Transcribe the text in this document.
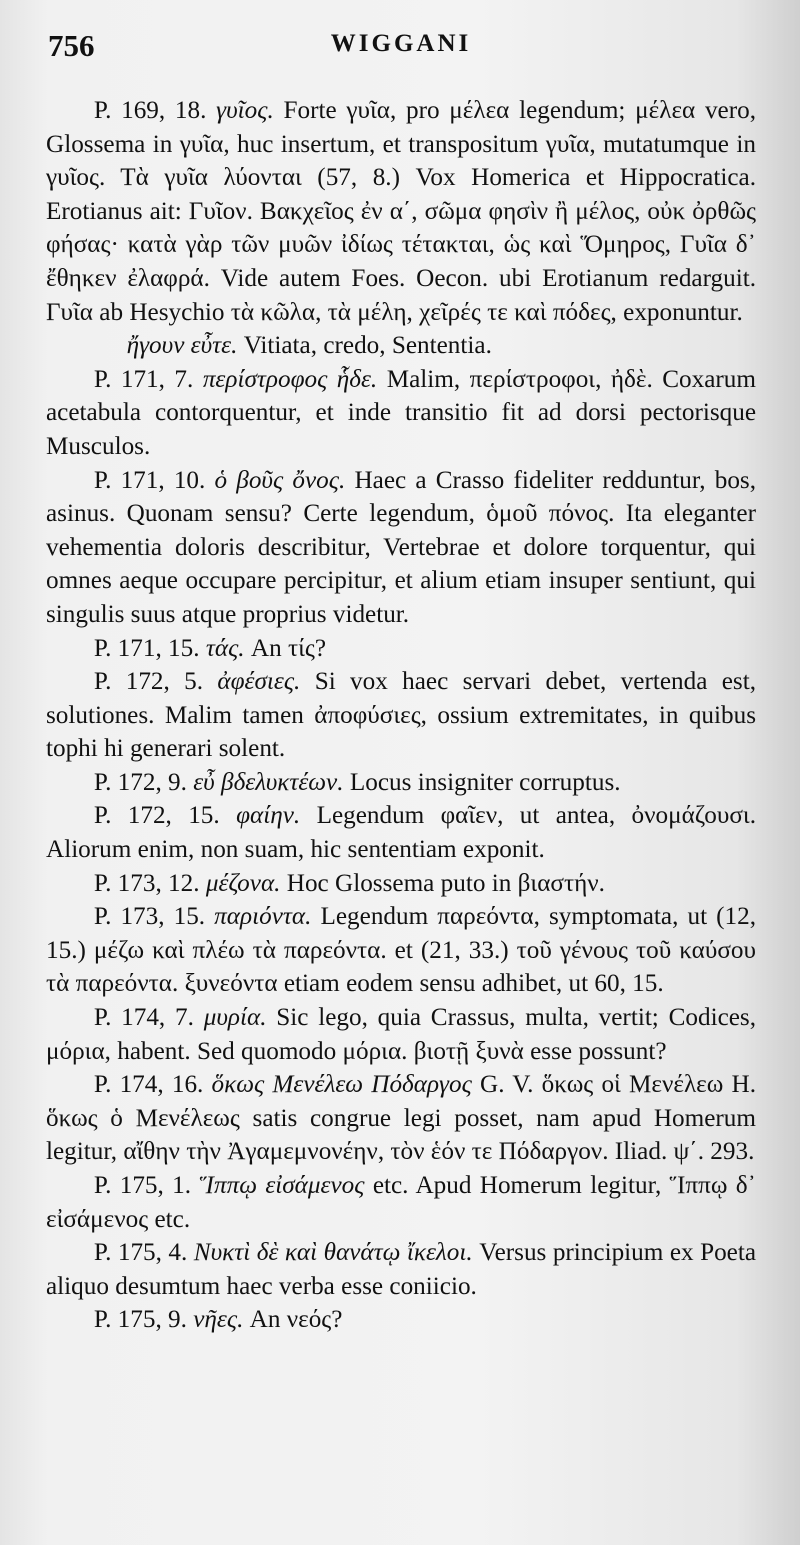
756	WIGGANI

P. 169, 18. γυῖος. Forte γυῖα, pro μέλεα legendum; μέλεα vero, Glossema in γυῖα, huc insertum, et transpositum γυῖα, mutatumque in γυῖος. Τὰ γυῖα λύονται (57, 8.) Vox Homerica et Hippocratica. Erotianus ait: Γυῖον. Βακχεῖος ἐν α΄, σῶμα φησὶν ἢ μέλος, οὐκ ὀρθῶς φήσας· κατὰ γὰρ τῶν μυῶν ἰδίως τέτακται, ὡς καὶ Ὅμηρος, Γυῖα δ᾽ ἔθηκεν ἐλαφρά. Vide autem Foes. Oecon. ubi Erotianum redarguit. Γυῖα ab Hesychio τὰ κῶλα, τὰ μέλη, χεῖρές τε καὶ πόδες, exponuntur.

ἤγουν εὖτε. Vitiata, credo, Sententia.

P. 171, 7. περίστροφος ἧδε. Malim, περίστροφοι, ἠδὲ. Coxarum acetabula contorquentur, et inde transitio fit ad dorsi pectorisque Musculos.

P. 171, 10. ὁ βοῦς ὄνος. Haec a Crasso fideliter redduntur, bos, asinus. Quonam sensu? Certe legendum, ὁμοῦ πόνος. Ita eleganter vehementia doloris describitur, Vertebrae et dolore torquentur, qui omnes aeque occupare percipitur, et alium etiam insuper sentiunt, qui singulis suus atque proprius videtur.

P. 171, 15. τάς. An τίς?

P. 172, 5. ἀφέσιες. Si vox haec servari debet, vertenda est, solutiones. Malim tamen ἀποφύσιες, ossium extremitates, in quibus tophi hi generari solent.

P. 172, 9. εὖ βδελυκτέων. Locus insigniter corruptus.

P. 172, 15. φαίην. Legendum φαῖεν, ut antea, ὀνομάζουσι. Aliorum enim, non suam, hic sententiam exponit.

P. 173, 12. μέζονα. Hoc Glossema puto in βιαστήν.

P. 173, 15. παριόντα. Legendum παρεόντα, symptomata, ut (12, 15.) μέζω καὶ πλέω τὰ παρεόντα. et (21, 33.) τοῦ γένους τοῦ καύσου τὰ παρεόντα. ξυνεόντα etiam eodem sensu adhibet, ut 60, 15.

P. 174, 7. μυρία. Sic lego, quia Crassus, multa, vertit; Codices, μόρια, habent. Sed quomodo μόρια. βιοτῇ ξυνὰ esse possunt?

P. 174, 16. ὅκως Μενέλεω Πόδαργος G. V. ὅκως οἱ Μενέλεω H. ὅκως ὁ Μενέλεως satis congrue legi posset, nam apud Homerum legitur, αἴθην τὴν Ἀγαμεμνονέην, τὸν ἑόν τε Πόδαργον. Iliad. ψ΄. 293.

P. 175, 1. Ἵππῳ εἰσάμενος etc. Apud Homerum legitur, Ἵππῳ δ᾽ εἰσάμενος etc.

P. 175, 4. Νυκτὶ δὲ καὶ θανάτῳ ἴκελοι. Versus principium ex Poeta aliquo desumtum haec verba esse coniicio.

P. 175, 9. νῆες. An νεός?
